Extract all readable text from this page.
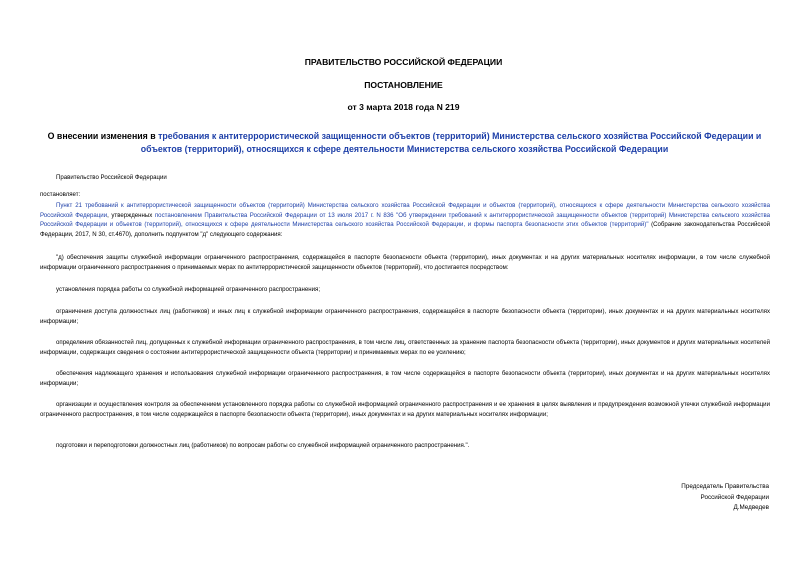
ПРАВИТЕЛЬСТВО РОССИЙСКОЙ ФЕДЕРАЦИИ
ПОСТАНОВЛЕНИЕ
от 3 марта 2018 года N 219
О внесении изменения в требования к антитеррористической защищенности объектов (территорий) Министерства сельского хозяйства Российской Федерации и объектов (территорий), относящихся к сфере деятельности Министерства сельского хозяйства Российской Федерации
Правительство Российской Федерации
постановляет:
Пункт 21 требований к антитеррористической защищенности объектов (территорий) Министерства сельского хозяйства Российской Федерации и объектов (территорий), относящихся к сфере деятельности Министерства сельского хозяйства Российской Федерации, утвержденных постановлением Правительства Российской Федерации от 13 июля 2017 г. N 836 "Об утверждении требований к антитеррористической защищенности объектов (территорий) Министерства сельского хозяйства Российской Федерации и объектов (территорий), относящихся к сфере деятельности Министерства сельского хозяйства Российской Федерации, и формы паспорта безопасности этих объектов (территорий)" (Собрание законодательства Российской Федерации, 2017, N 30, ст.4670), дополнить подпунктом "д" следующего содержания:
"д) обеспечения защиты служебной информации ограниченного распространения, содержащейся в паспорте безопасности объекта (территории), иных документах и на других материальных носителях информации, в том числе служебной информации ограниченного распространения о принимаемых мерах по антитеррористической защищенности объектов (территорий), что достигается посредством:
установления порядка работы со служебной информацией ограниченного распространения;
ограничения доступа должностных лиц (работников) и иных лиц к служебной информации ограниченного распространения, содержащейся в паспорте безопасности объекта (территории), иных документах и на других материальных носителях информации;
определения обязанностей лиц, допущенных к служебной информации ограниченного распространения, в том числе лиц, ответственных за хранение паспорта безопасности объекта (территории), иных документов и других материальных носителей информации, содержащих сведения о состоянии антитеррористической защищенности объекта (территории) и принимаемых мерах по ее усилению;
обеспечения надлежащего хранения и использования служебной информации ограниченного распространения, в том числе содержащейся в паспорте безопасности объекта (территории), иных документах и на других материальных носителях информации;
организации и осуществления контроля за обеспечением установленного порядка работы со служебной информацией ограниченного распространения и ее хранения в целях выявления и предупреждения возможной утечки служебной информации ограниченного распространения, в том числе содержащейся в паспорте безопасности объекта (территории), иных документах и на других материальных носителях информации;
подготовки и переподготовки должностных лиц (работников) по вопросам работы со служебной информацией ограниченного распространения.".
Председатель Правительства
Российской Федерации
Д.Медведев
